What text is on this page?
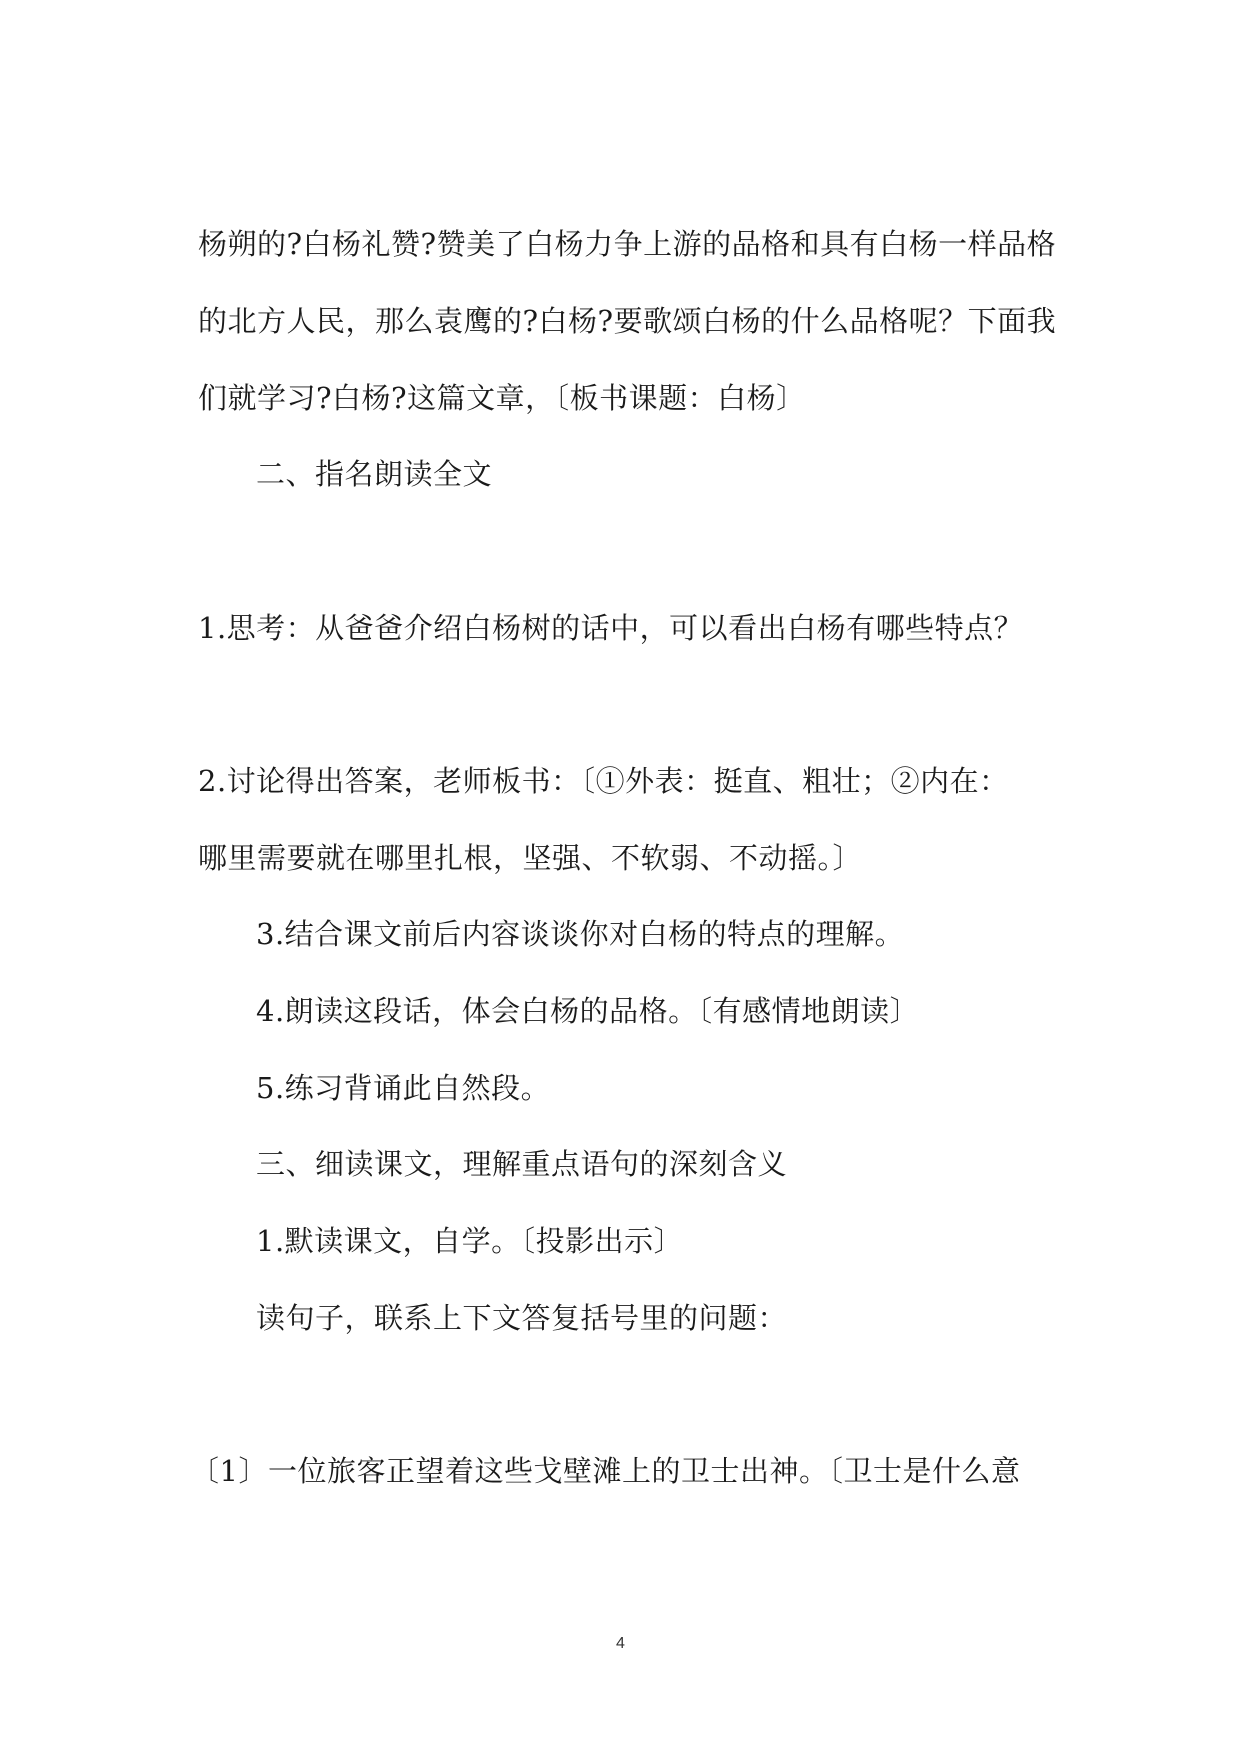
杨朔的?白杨礼赞?赞美了白杨力争上游的品格和具有白杨一样品格
的北方人民，那么袁鹰的?白杨?要歌颂白杨的什么品格呢？下面我
们就学习?白杨?这篇文章，〔板书课题：白杨〕
二、指名朗读全文
1.思考：从爸爸介绍白杨树的话中，可以看出白杨有哪些特点？
2.讨论得出答案，老师板书：〔①外表：挺直、粗壮；②内在：
哪里需要就在哪里扎根，坚强、不软弱、不动摇。〕
3.结合课文前后内容谈谈你对白杨的特点的理解。
4.朗读这段话，体会白杨的品格。〔有感情地朗读〕
5.练习背诵此自然段。
三、细读课文，理解重点语句的深刻含义
1.默读课文，自学。〔投影出示〕
读句子，联系上下文答复括号里的问题：
〔1〕一位旅客正望着这些戈壁滩上的卫士出神。〔卫士是什么意
4
